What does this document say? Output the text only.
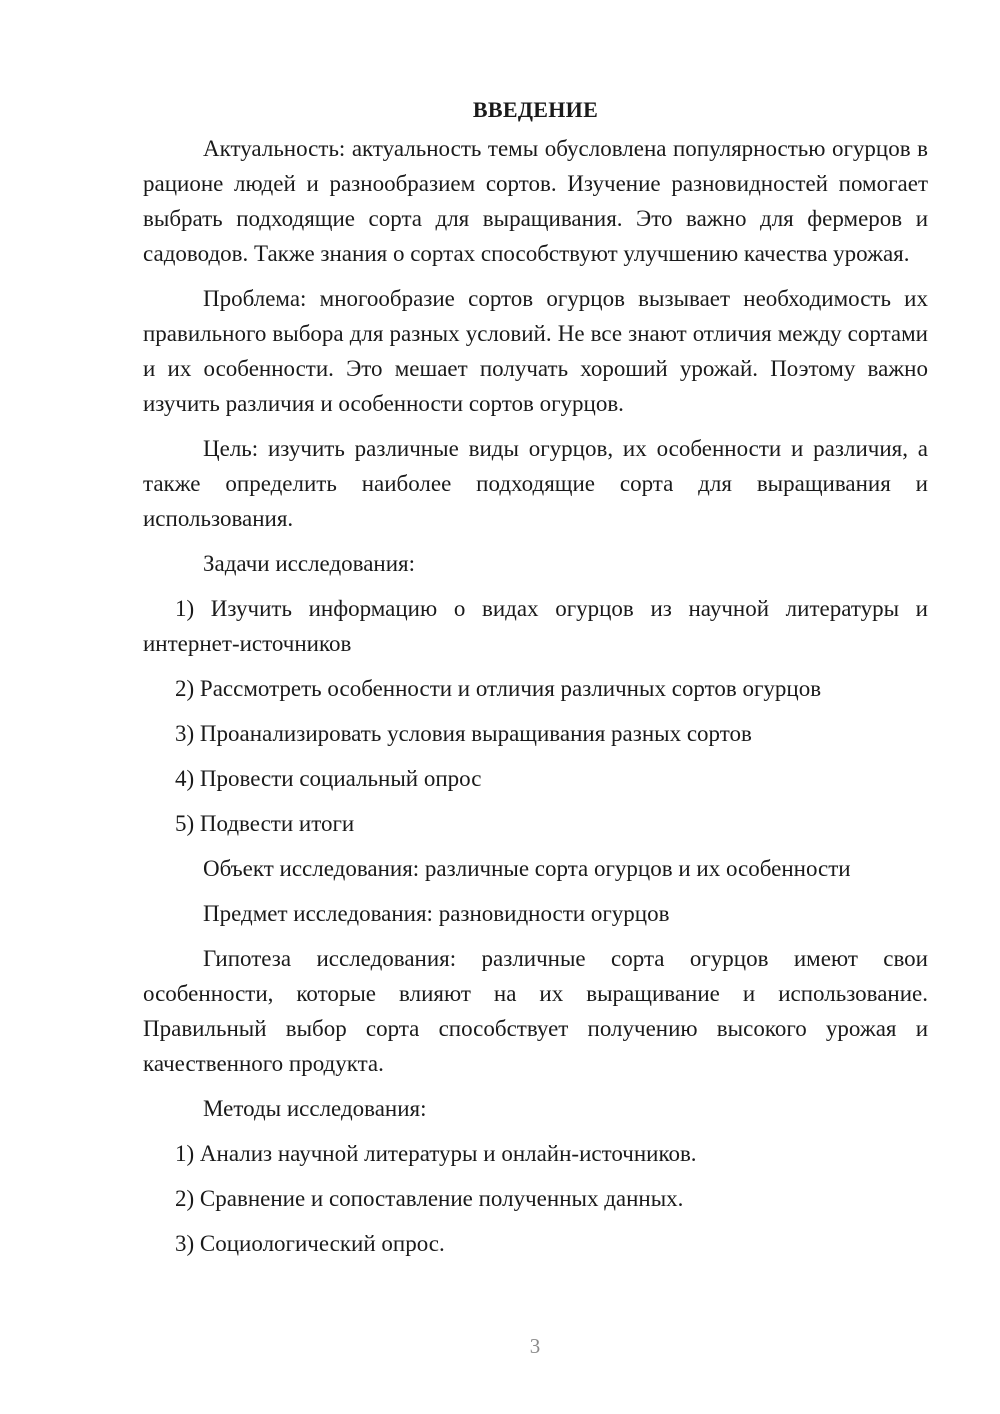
ВВЕДЕНИЕ

Актуальность: актуальность темы обусловлена популярностью огурцов в рационе людей и разнообразием сортов. Изучение разновидностей помогает выбрать подходящие сорта для выращивания. Это важно для фермеров и садоводов. Также знания о сортах способствуют улучшению качества урожая.

Проблема: многообразие сортов огурцов вызывает необходимость их правильного выбора для разных условий. Не все знают отличия между сортами и их особенности. Это мешает получать хороший урожай. Поэтому важно изучить различия и особенности сортов огурцов.

Цель: изучить различные виды огурцов, их особенности и различия, а также определить наиболее подходящие сорта для выращивания и использования.

Задачи исследования:

1) Изучить информацию о видах огурцов из научной литературы и интернет-источников

2) Рассмотреть особенности и отличия различных сортов огурцов

3) Проанализировать условия выращивания разных сортов

4) Провести социальный опрос

5) Подвести итоги

Объект исследования: различные сорта огурцов и их особенности

Предмет исследования: разновидности огурцов

Гипотеза исследования: различные сорта огурцов имеют свои особенности, которые влияют на их выращивание и использование. Правильный выбор сорта способствует получению высокого урожая и качественного продукта.

Методы исследования:

1) Анализ научной литературы и онлайн-источников.

2) Сравнение и сопоставление полученных данных.

3) Социологический опрос.

3
